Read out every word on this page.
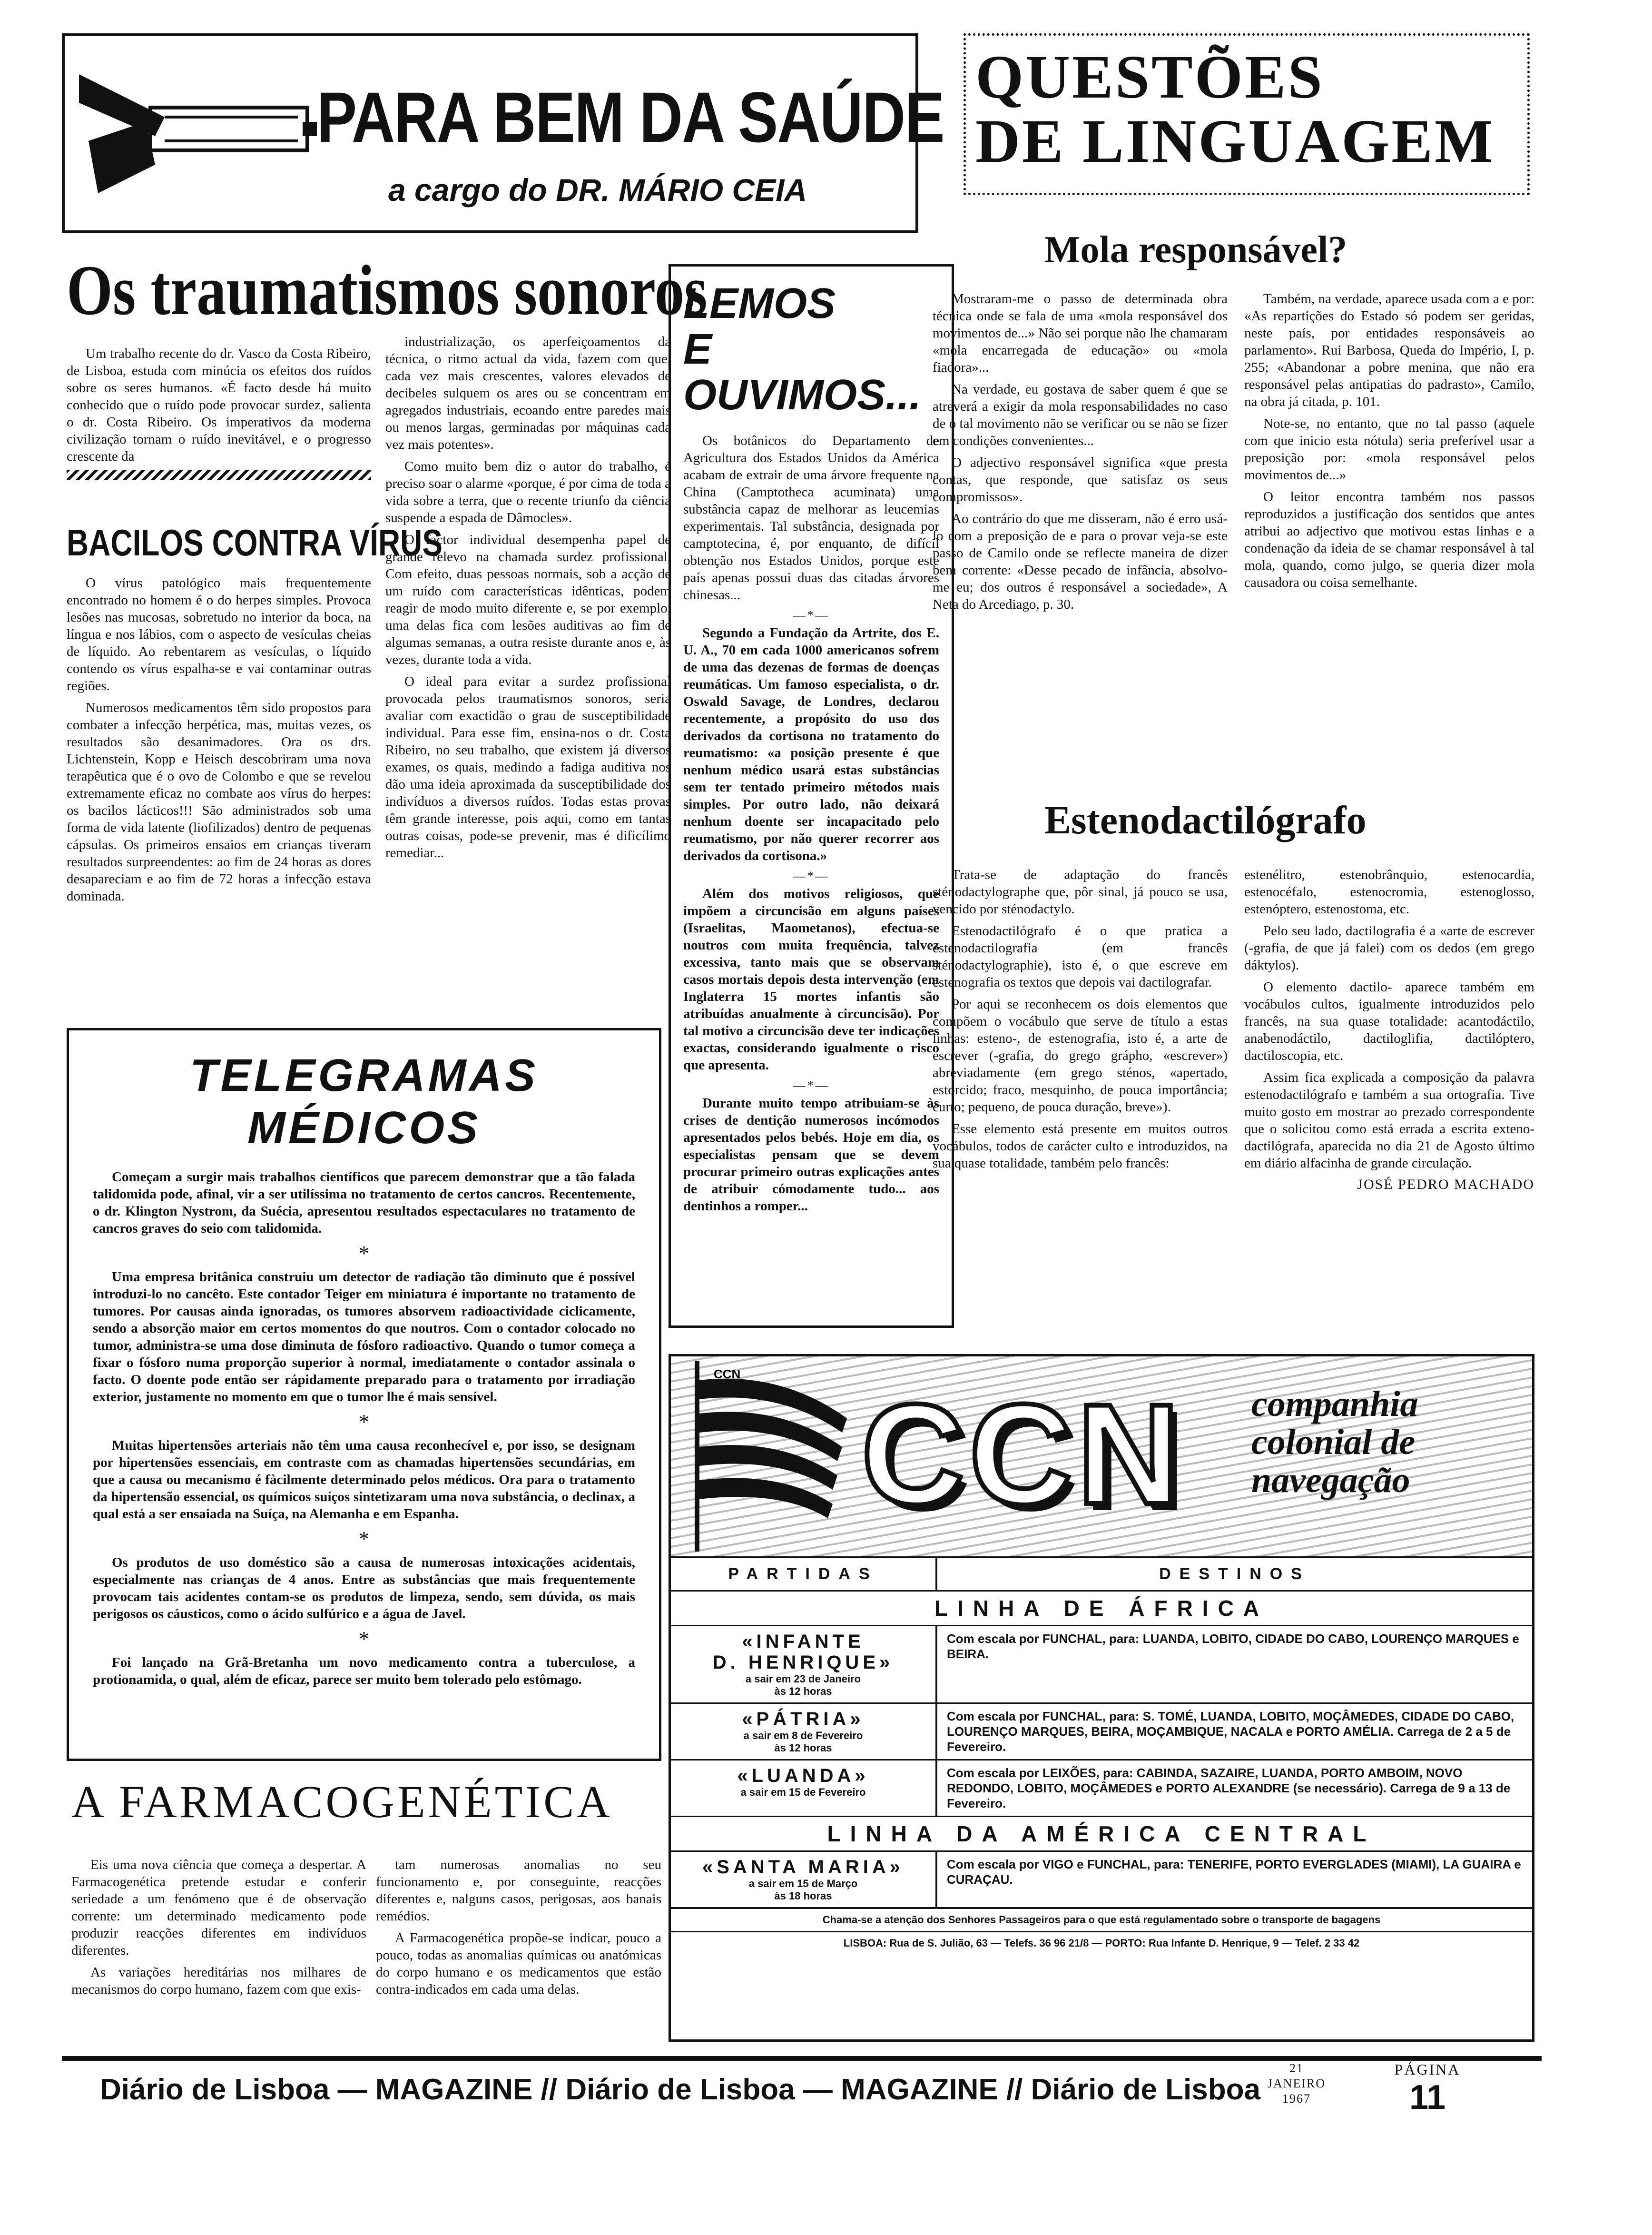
PARA BEM DA SAÚDE
a cargo do DR. MÁRIO CEIA
Os traumatismos sonoros

Um trabalho recente do dr. Vasco da Costa Ribeiro, de Lisboa, estuda com minúcia os efeitos dos ruídos sobre os seres humanos. «É facto desde há muito conhecido que o ruído pode provocar surdez, salienta o dr. Costa Ribeiro. Os imperativos da moderna civilização tornam o ruído inevitável, e o progresso crescente da

industrialização, os aperfeiçoamentos da técnica, o ritmo actual da vida, fazem com que, cada vez mais crescentes, valores elevados de decibeles sulquem os ares ou se concentram em agregados industriais, ecoando entre paredes mais ou menos largas, germinadas por máquinas cada vez mais potentes».

Como muito bem diz o autor do trabalho, é preciso soar o alarme «porque, é por cima de toda a vida sobre a terra, que o recente triunfo da ciência suspende a espada de Dâmocles».

O factor individual desempenha papel de grande relevo na chamada surdez profissional. Com efeito, duas pessoas normais, sob a acção de um ruído com características idênticas, podem reagir de modo muito diferente e, se por exemplo, uma delas fica com lesões auditivas ao fim de algumas semanas, a outra resiste durante anos e, às vezes, durante toda a vida.

O ideal para evitar a surdez profissional provocada pelos traumatismos sonoros, seria avaliar com exactidão o grau de susceptibilidade individual. Para esse fim, ensina-nos o dr. Costa Ribeiro, no seu trabalho, que existem já diversos exames, os quais, medindo a fadiga auditiva nos dão uma ideia aproximada da susceptibilidade dos indivíduos a diversos ruídos. Todas estas provas têm grande interesse, pois aqui, como em tantas outras coisas, pode-se prevenir, mas é dificílimo remediar...

BACILOS CONTRA VÍRUS

O vírus patológico mais frequentemente encontrado no homem é o do herpes simples. Provoca lesões nas mucosas, sobretudo no interior da boca, na língua e nos lábios, com o aspecto de vesículas cheias de líquido. Ao rebentarem as vesículas, o líquido contendo os vírus espalha-se e vai contaminar outras regiões.

Numerosos medicamentos têm sido propostos para combater a infecção herpética, mas, muitas vezes, os resultados são desanimadores. Ora os drs. Lichtenstein, Kopp e Heisch descobriram uma nova terapêutica que é o ovo de Colombo e que se revelou extremamente eficaz no combate aos vírus do herpes: os bacilos lácticos!!! São administrados sob uma forma de vida latente (liofilizados) dentro de pequenas cápsulas. Os primeiros ensaios em crianças tiveram resultados surpreendentes: ao fim de 24 horas as dores desapareciam e ao fim de 72 horas a infecção estava dominada.

LEMOS
E OUVIMOS...

Os botânicos do Departamento de Agricultura dos Estados Unidos da América acabam de extrair de uma árvore frequente na China (Camptotheca acuminata) uma substância capaz de melhorar as leucemias experimentais. Tal substância, designada por camptotecina, é, por enquanto, de difícil obtenção nos Estados Unidos, porque este país apenas possui duas das citadas árvores chinesas...

—*—

Segundo a Fundação da Artrite, dos E. U. A., 70 em cada 1000 americanos sofrem de uma das dezenas de formas de doenças reumáticas. Um famoso especialista, o dr. Oswald Savage, de Londres, declarou recentemente, a propósito do uso dos derivados da cortisona no tratamento do reumatismo: «a posição presente é que nenhum médico usará estas substâncias sem ter tentado primeiro métodos mais simples. Por outro lado, não deixará nenhum doente ser incapacitado pelo reumatismo, por não querer recorrer aos derivados da cortisona.»

—*—

Além dos motivos religiosos, que impõem a circuncisão em alguns países (Israelitas, Maometanos), efectua-se noutros com muita frequência, talvez excessiva, tanto mais que se observam casos mortais depois desta intervenção (em Inglaterra 15 mortes infantis são atribuídas anualmente à circuncisão). Por tal motivo a circuncisão deve ter indicações exactas, considerando igualmente o risco que apresenta.

—*—

Durante muito tempo atribuiam-se às crises de dentição numerosos incómodos apresentados pelos bebés. Hoje em dia, os especialistas pensam que se devem procurar primeiro outras explicações antes de atribuir cómodamente tudo... aos dentinhos a romper...

TELEGRAMAS MÉDICOS

Começam a surgir mais trabalhos científicos que parecem demonstrar que a tão falada talidomida pode, afinal, vir a ser utilíssima no tratamento de certos cancros. Recentemente, o dr. Klington Nystrom, da Suécia, apresentou resultados espectaculares no tratamento de cancros graves do seio com talidomida.

*

Uma empresa britânica construiu um detector de radiação tão diminuto que é possível introduzi-lo no cancêto. Este contador Teiger em miniatura é importante no tratamento de tumores. Por causas ainda ignoradas, os tumores absorvem radioactividade ciclicamente, sendo a absorção maior em certos momentos do que noutros. Com o contador colocado no tumor, administra-se uma dose diminuta de fósforo radioactivo. Quando o tumor começa a fixar o fósforo numa proporção superior à normal, imediatamente o contador assinala o facto. O doente pode então ser rápidamente preparado para o tratamento por irradiação exterior, justamente no momento em que o tumor lhe é mais sensível.

*

Muitas hipertensões arteriais não têm uma causa reconhecível e, por isso, se designam por hipertensões essenciais, em contraste com as chamadas hipertensões secundárias, em que a causa ou mecanismo é fàcilmente determinado pelos médicos. Ora para o tratamento da hipertensão essencial, os químicos suíços sintetizaram uma nova substância, o declinax, a qual está a ser ensaiada na Suíça, na Alemanha e em Espanha.

*

Os produtos de uso doméstico são a causa de numerosas intoxicações acidentais, especialmente nas crianças de 4 anos. Entre as substâncias que mais frequentemente provocam tais acidentes contam-se os produtos de limpeza, sendo, sem dúvida, os mais perigosos os cáusticos, como o ácido sulfúrico e a água de Javel.

*

Foi lançado na Grã-Bretanha um novo medicamento contra a tuberculose, a protionamida, o qual, além de eficaz, parece ser muito bem tolerado pelo estômago.

A FARMACOGENÉTICA

Eis uma nova ciência que começa a despertar. A Farmacogenética pretende estudar e conferir seriedade a um fenómeno que é de observação corrente: um determinado medicamento pode produzir reacções diferentes em indivíduos diferentes.

As variações hereditárias nos milhares de mecanismos do corpo humano, fazem com que exis-

tam numerosas anomalias no seu funcionamento e, por conseguinte, reacções diferentes e, nalguns casos, perigosas, aos banais remédios.

A Farmacogenética propõe-se indicar, pouco a pouco, todas as anomalias químicas ou anatómicas do corpo humano e os medicamentos que estão contra-indicados em cada uma delas.

QUESTÕES
DE LINGUAGEM
Mola responsável?

Mostraram-me o passo de determinada obra técnica onde se fala de uma «mola responsável dos movimentos de...» Não sei porque não lhe chamaram «mola encarregada de educação» ou «mola fiadora»...

Na verdade, eu gostava de saber quem é que se atreverá a exigir da mola responsabilidades no caso de o tal movimento não se verificar ou se não se fizer em condições convenientes...

O adjectivo responsável significa «que presta contas, que responde, que satisfaz os seus compromissos».

Ao contrário do que me disseram, não é erro usá-lo com a preposição de e para o provar veja-se este passo de Camilo onde se reflecte maneira de dizer bem corrente: «Desse pecado de infância, absolvo-me eu; dos outros é responsável a sociedade», A Neta do Arcediago, p. 30.

Também, na verdade, aparece usada com a e por: «As repartições do Estado só podem ser geridas, neste país, por entidades responsáveis ao parlamento». Rui Barbosa, Queda do Império, I, p. 255; «Abandonar a pobre menina, que não era responsável pelas antipatias do padrasto», Camilo, na obra já citada, p. 101.

Note-se, no entanto, que no tal passo (aquele com que inicio esta nótula) seria preferível usar a preposição por: «mola responsável pelos movimentos de...»

O leitor encontra também nos passos reproduzidos a justificação dos sentidos que antes atribui ao adjectivo que motivou estas linhas e a condenação da ideia de se chamar responsável à tal mola, quando, como julgo, se queria dizer mola causadora ou coisa semelhante.

Estenodactilógrafo

Trata-se de adaptação do francês sténodactylographe que, pôr sinal, já pouco se usa, vencido por sténodactylo.

Estenodactilógrafo é o que pratica a estenodactilografia (em francês sténodactylographie), isto é, o que escreve em estenografia os textos que depois vai dactilografar.

Por aqui se reconhecem os dois elementos que compõem o vocábulo que serve de título a estas linhas: esteno-, de estenografia, isto é, a arte de escrever (-grafia, do grego grápho, «escrever») abreviadamente (em grego sténos, «apertado, estorcido; fraco, mesquinho, de pouca importância; curto; pequeno, de pouca duração, breve»).

Esse elemento está presente em muitos outros vocábulos, todos de carácter culto e introduzidos, na sua quase totalidade, também pelo francês:

estenélitro, estenobrânquio, estenocardia, estenocéfalo, estenocromia, estenoglosso, estenóptero, estenostoma, etc.

Pelo seu lado, dactilografia é a «arte de escrever (-grafia, de que já falei) com os dedos (em grego dáktylos).

O elemento dactilo- aparece também em vocábulos cultos, igualmente introduzidos pelo francês, na sua quase totalidade: acantodáctilo, anabenodáctilo, dactiloglifia, dactilóptero, dactiloscopia, etc.

Assim fica explicada a composição da palavra estenodactilógrafo e também a sua ortografia. Tive muito gosto em mostrar ao prezado correspondente que o solicitou como está errada a escrita exteno-dactilógrafa, aparecida no dia 21 de Agosto último em diário alfacinha de grande circulação.

JOSÉ PEDRO MACHADO
CCN CCN companhia
colonial de
navegação
PARTIDAS	DESTINOS
LINHA DE ÁFRICA
«INFANTE
D. HENRIQUE»
a sair em 23 de Janeiro
às 12 horas
Com escala por FUNCHAL, para: LUANDA, LOBITO, CIDADE DO CABO, LOURENÇO MARQUES e BEIRA.
«PÁTRIA»
a sair em 8 de Fevereiro
às 12 horas
Com escala por FUNCHAL, para: S. TOMÉ, LUANDA, LOBITO, MOÇÂMEDES, CIDADE DO CABO, LOURENÇO MARQUES, BEIRA, MOÇAMBIQUE, NACALA e PORTO AMÉLIA. Carrega de 2 a 5 de Fevereiro.
«LUANDA»
a sair em 15 de Fevereiro
Com escala por LEIXÕES, para: CABINDA, SAZAIRE, LUANDA, PORTO AMBOIM, NOVO REDONDO, LOBITO, MOÇÂMEDES e PORTO ALEXANDRE (se necessário). Carrega de 9 a 13 de Fevereiro.
LINHA DA AMÉRICA CENTRAL
«SANTA MARIA»
a sair em 15 de Março
às 18 horas
Com escala por VIGO e FUNCHAL, para: TENERIFE, PORTO EVERGLADES (MIAMI), LA GUAIRA e CURAÇAU.
Chama-se a atenção dos Senhores Passageiros para o que está regulamentado sobre o transporte de bagagens
LISBOA: Rua de S. Julião, 63 — Telefs. 36 96 21/8 — PORTO: Rua Infante D. Henrique, 9 — Telef. 2 33 42
Diário de Lisboa — MAGAZINE // Diário de Lisboa — MAGAZINE // Diário de Lisboa
21
JANEIRO
1967
PÁGINA
11
